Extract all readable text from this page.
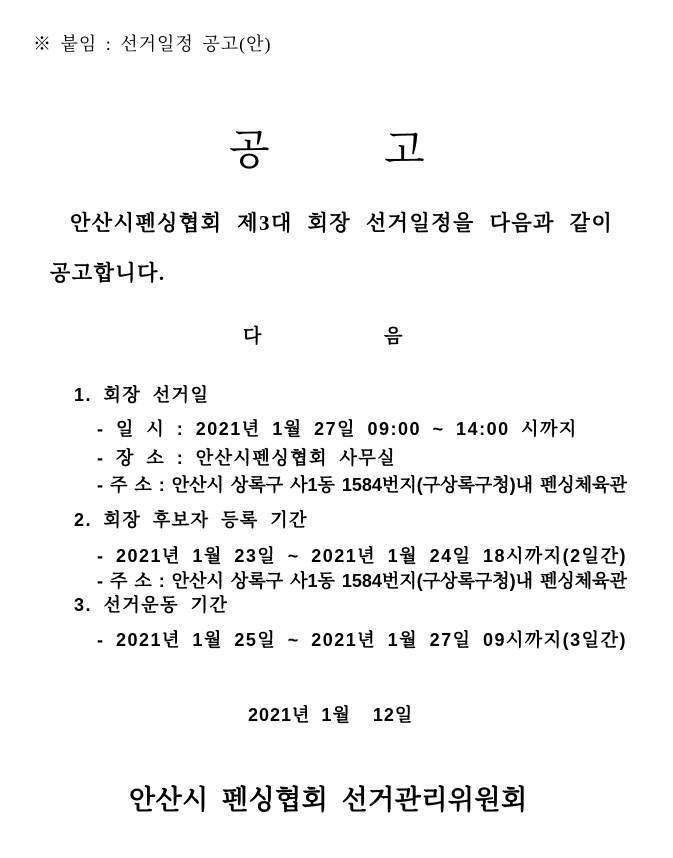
※ 붙임 : 선거일정 공고(안)
공	고
안산시펜싱협회 제3대 회장 선거일정을 다음과 같이
공고합니다.
다	음
1. 회장 선거일
- 일 시 : 2021년 1월 27일 09:00 ~ 14:00 시까지
- 장 소 : 안산시펜싱협회 사무실
- 주 소 : 안산시 상록구 사1동 1584번지(구상록구청)내 펜싱체육관
2. 회장 후보자 등록 기간
- 2021년 1월 23일 ~ 2021년 1월 24일 18시까지(2일간)
- 주 소 : 안산시 상록구 사1동 1584번지(구상록구청)내 펜싱체육관
3. 선거운동 기간
- 2021년 1월 25일 ~ 2021년 1월 27일 09시까지(3일간)
2021년 1월  12일
안산시 펜싱협회 선거관리위원회
